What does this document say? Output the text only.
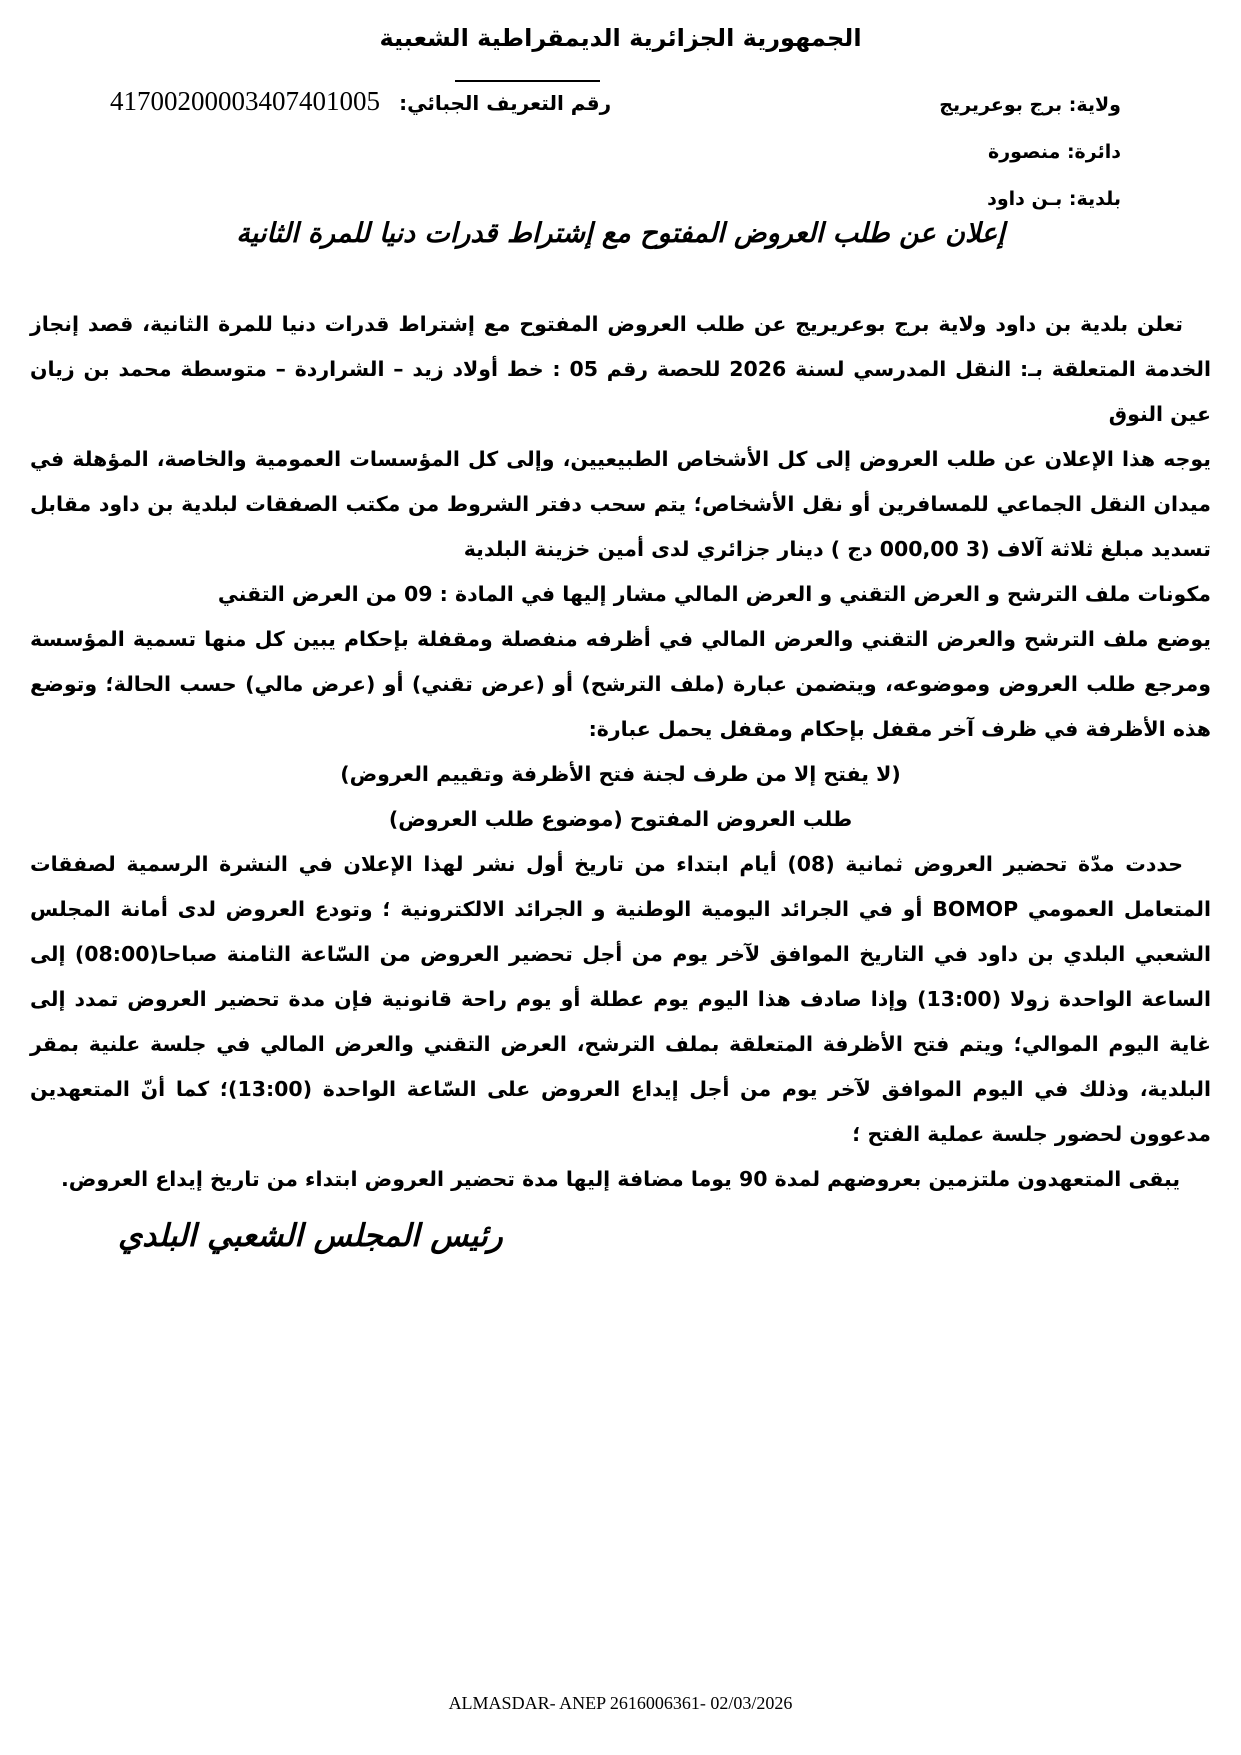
الجمهورية الجزائرية الديمقراطية الشعبية
ولاية: برج بوعريريج
دائرة: منصورة
بلدية: بـن داود
رقم التعريف الجبائي: 41700200003407401005
إعلان عن طلب العروض المفتوح مع إشتراط قدرات دنيا للمرة الثانية

تعلن بلدية بن داود ولاية برج بوعريريج عن طلب العروض المفتوح مع إشتراط قدرات دنيا للمرة الثانية، قصد إنجاز الخدمة المتعلقة بـ: النقل المدرسي لسنة 2026 للحصة رقم 05 : خط أولاد زيد – الشراردة – متوسطة محمد بن زيان عين النوق

يوجه هذا الإعلان عن طلب العروض إلى كل الأشخاص الطبيعيين، وإلى كل المؤسسات العمومية والخاصة، المؤهلة في ميدان النقل الجماعي للمسافرين أو نقل الأشخاص؛ يتم سحب دفتر الشروط من مكتب الصفقات لبلدية بن داود مقابل تسديد مبلغ ثلاثة آلاف (3 000,00 دج ) دينار جزائري لدى أمين خزينة البلدية

مكونات ملف الترشح و العرض التقني و العرض المالي مشار إليها في المادة : 09 من العرض التقني

يوضع ملف الترشح والعرض التقني والعرض المالي في أظرفه منفصلة ومقفلة بإحكام يبين كل منها تسمية المؤسسة ومرجع طلب العروض وموضوعه، ويتضمن عبارة (ملف الترشح) أو (عرض تقني) أو (عرض مالي) حسب الحالة؛ وتوضع هذه الأظرفة في ظرف آخر مقفل بإحكام ومقفل يحمل عبارة:

(لا يفتح إلا من طرف لجنة فتح الأظرفة وتقييم العروض)

طلب العروض المفتوح (موضوع طلب العروض)

حددت مدّة تحضير العروض ثمانية (08) أيام ابتداء من تاريخ أول نشر لهذا الإعلان في النشرة الرسمية لصفقات المتعامل العمومي BOMOP أو في الجرائد اليومية الوطنية و الجرائد الالكترونية ؛ وتودع العروض لدى أمانة المجلس الشعبي البلدي بن داود في التاريخ الموافق لآخر يوم من أجل تحضير العروض من السّاعة الثامنة صباحا(08:00) إلى الساعة الواحدة زولا (13:00) وإذا صادف هذا اليوم يوم عطلة أو يوم راحة قانونية فإن مدة تحضير العروض تمدد إلى غاية اليوم الموالي؛ ويتم فتح الأظرفة المتعلقة بملف الترشح، العرض التقني والعرض المالي في جلسة علنية بمقر البلدية، وذلك في اليوم الموافق لآخر يوم من أجل إيداع العروض على السّاعة الواحدة (13:00)؛ كما أنّ المتعهدين مدعوون لحضور جلسة عملية الفتح ؛

يبقى المتعهدون ملتزمين بعروضهم لمدة 90 يوما مضافة إليها مدة تحضير العروض ابتداء من تاريخ إيداع العروض.

رئيس المجلس الشعبي البلدي
ALMASDAR- ANEP 2616006361- 02/03/2026
